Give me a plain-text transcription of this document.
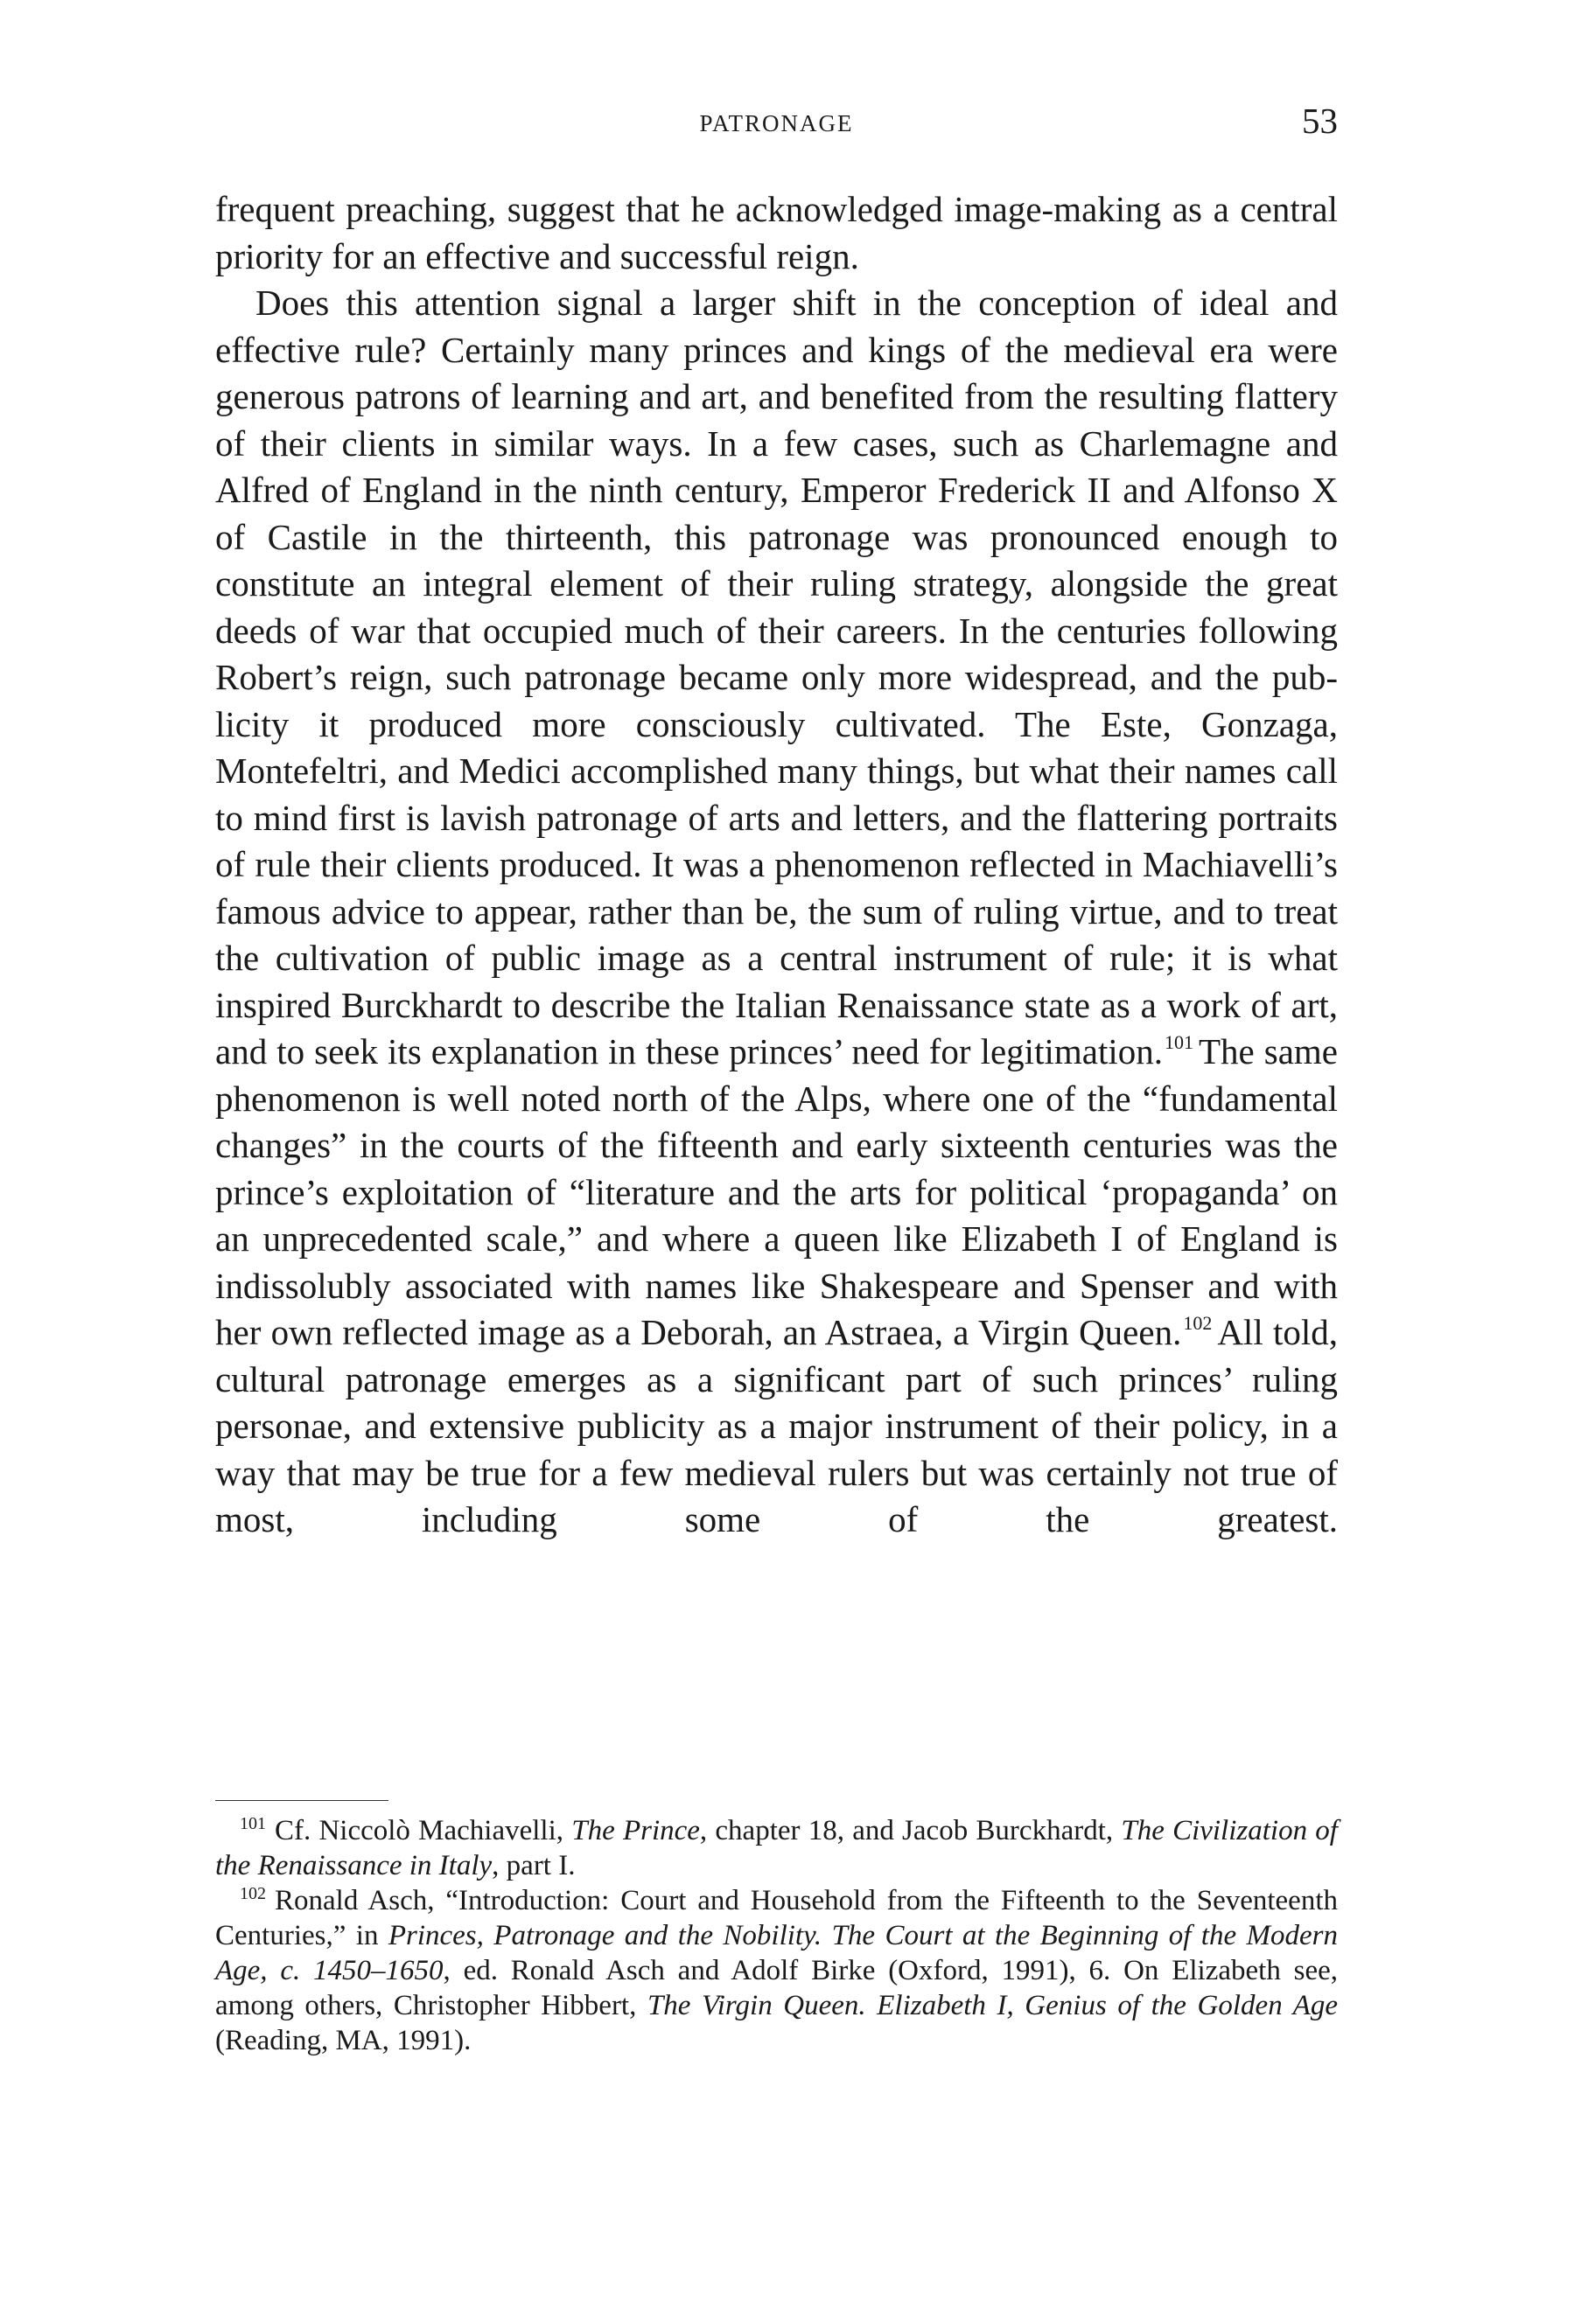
PATRONAGE	53

frequent preaching, suggest that he acknowledged image-making as a central priority for an effective and successful reign.

Does this attention signal a larger shift in the conception of ideal and effective rule? Certainly many princes and kings of the medieval era were generous patrons of learning and art, and benefited from the resulting flattery of their clients in similar ways. In a few cases, such as Charlemagne and Alfred of England in the ninth century, Emperor Frederick II and Alfonso X of Castile in the thirteenth, this patronage was pronounced enough to constitute an integral element of their ruling strategy, alongside the great deeds of war that occupied much of their careers. In the centuries following Robert’s reign, such patronage became only more widespread, and the publicity it produced more consciously cultivated. The Este, Gonzaga, Montefeltri, and Medici accomplished many things, but what their names call to mind first is lavish patronage of arts and letters, and the flattering portraits of rule their clients produced. It was a phenomenon reflected in Machiavelli’s famous advice to appear, rather than be, the sum of ruling virtue, and to treat the cultivation of public image as a central instrument of rule; it is what inspired Burckhardt to describe the Italian Renaissance state as a work of art, and to seek its explanation in these princes’ need for legitimation.$^{101}$ The same phenomenon is well noted north of the Alps, where one of the “fundamental changes” in the courts of the fifteenth and early sixteenth centuries was the prince’s exploitation of “literature and the arts for political ‘propaganda’ on an unprecedented scale,” and where a queen like Elizabeth I of England is indissolubly associated with names like Shakespeare and Spenser and with her own reflected image as a Deborah, an Astraea, a Virgin Queen.$^{102}$ All told, cultural patronage emerges as a significant part of such princes’ ruling personae, and extensive publicity as a major instrument of their policy, in a way that may be true for a few medieval rulers but was certainly not true of most, including some of the greatest.

$^{101}$ Cf. Niccolò Machiavelli, The Prince, chapter 18, and Jacob Burckhardt, The Civilization of the Renaissance in Italy, part I.

$^{102}$ Ronald Asch, “Introduction: Court and Household from the Fifteenth to the Seventeenth Centuries,” in Princes, Patronage and the Nobility. The Court at the Beginning of the Modern Age, c. 1450–1650, ed. Ronald Asch and Adolf Birke (Oxford, 1991), 6. On Elizabeth see, among others, Christopher Hibbert, The Virgin Queen. Elizabeth I, Genius of the Golden Age (Reading, MA, 1991).
